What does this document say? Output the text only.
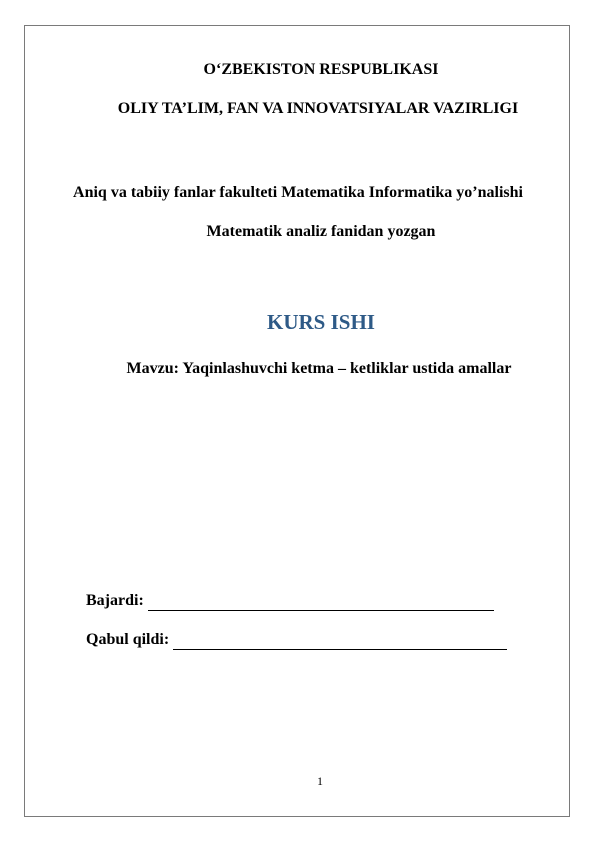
O‘ZBEKISTON RESPUBLIKASI
OLIY TA’LIM, FAN VA INNOVATSIYALAR VAZIRLIGI
Aniq va tabiiy fanlar fakulteti Matematika Informatika yo’nalishi
Matematik analiz fanidan yozgan
KURS ISHI
Mavzu: Yaqinlashuvchi ketma – ketliklar ustida amallar
Bajardi:
Qabul qildi:
1
